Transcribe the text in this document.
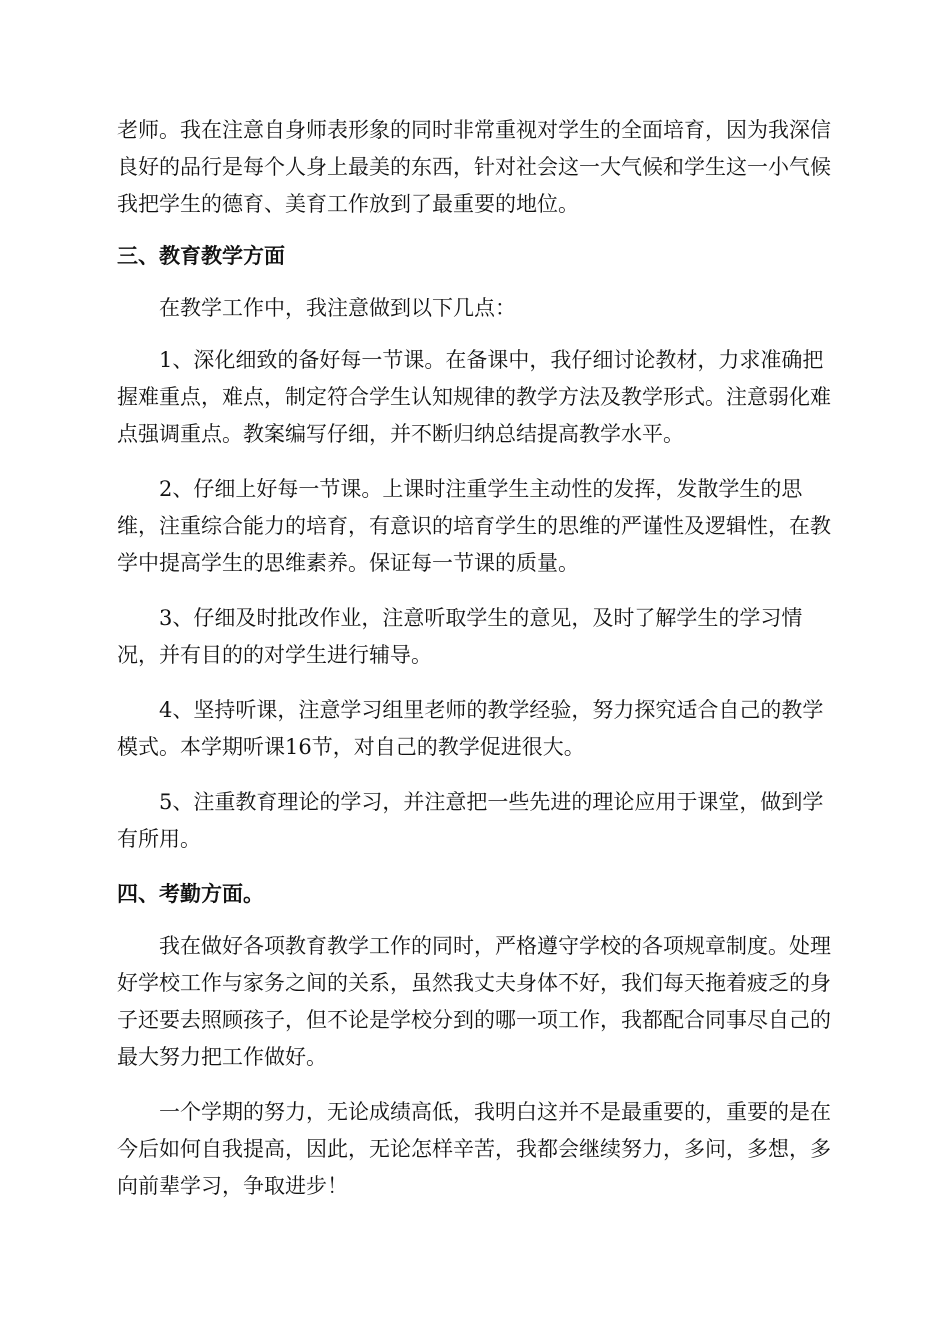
老师。我在注意自身师表形象的同时非常重视对学生的全面培育，因为我深信良好的品行是每个人身上最美的东西，针对社会这一大气候和学生这一小气候我把学生的德育、美育工作放到了最重要的地位。

三、教育教学方面

在教学工作中，我注意做到以下几点：

1、深化细致的备好每一节课。在备课中，我仔细讨论教材，力求准确把握难重点，难点，制定符合学生认知规律的教学方法及教学形式。注意弱化难点强调重点。教案编写仔细，并不断归纳总结提高教学水平。

2、仔细上好每一节课。上课时注重学生主动性的发挥，发散学生的思维，注重综合能力的培育，有意识的培育学生的思维的严谨性及逻辑性，在教学中提高学生的思维素养。保证每一节课的质量。

3、仔细及时批改作业，注意听取学生的意见，及时了解学生的学习情况，并有目的的对学生进行辅导。

4、坚持听课，注意学习组里老师的教学经验，努力探究适合自己的教学模式。本学期听课16节，对自己的教学促进很大。

5、注重教育理论的学习，并注意把一些先进的理论应用于课堂，做到学有所用。

四、考勤方面。

我在做好各项教育教学工作的同时，严格遵守学校的各项规章制度。处理好学校工作与家务之间的关系，虽然我丈夫身体不好，我们每天拖着疲乏的身子还要去照顾孩子，但不论是学校分到的哪一项工作，我都配合同事尽自己的最大努力把工作做好。

一个学期的努力，无论成绩高低，我明白这并不是最重要的，重要的是在今后如何自我提高，因此，无论怎样辛苦，我都会继续努力，多问，多想，多向前辈学习，争取进步！
